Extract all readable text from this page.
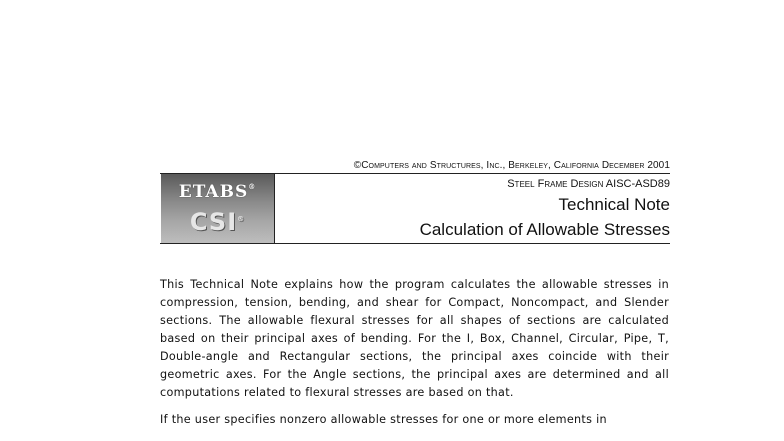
©Computers and Structures, Inc., Berkeley, California December 2001
ETABS®
CSI®
Steel Frame Design AISC-ASD89
Technical Note
Calculation of Allowable Stresses

This Technical Note explains how the program calculates the allowable stresses in compression, tension, bending, and shear for Compact, Noncompact, and Slender sections. The allowable flexural stresses for all shapes of sections are calculated based on their principal axes of bending. For the I, Box, Channel, Circular, Pipe, T, Double-angle and Rectangular sections, the principal axes coincide with their geometric axes. For the Angle sections, the principal axes are determined and all computations related to flexural stresses are based on that.

If the user specifies nonzero allowable stresses for one or more elements in
